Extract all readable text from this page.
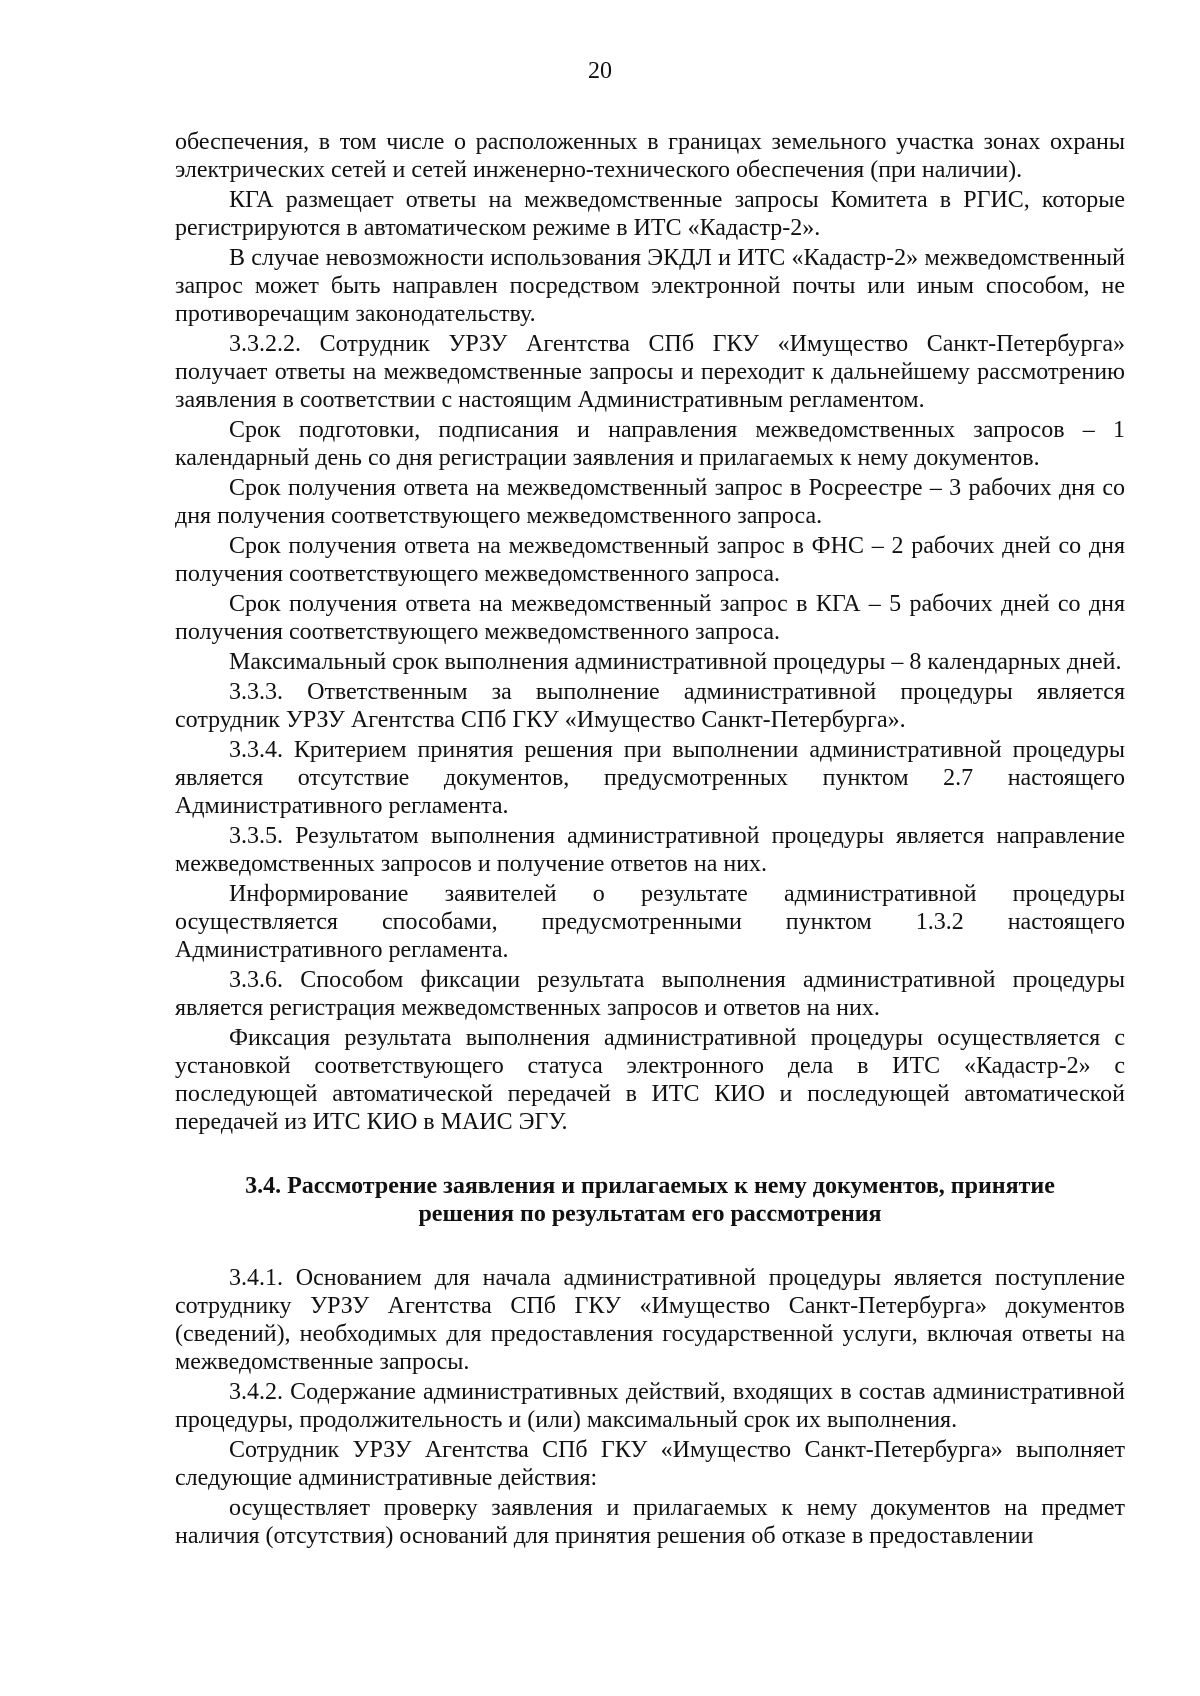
20

обеспечения, в том числе о расположенных в границах земельного участка зонах охраны электрических сетей и сетей инженерно-технического обеспечения (при наличии).

КГА размещает ответы на межведомственные запросы Комитета в РГИС, которые регистрируются в автоматическом режиме в ИТС «Кадастр-2».

В случае невозможности использования ЭКДЛ и ИТС «Кадастр-2» межведомственный запрос может быть направлен посредством электронной почты или иным способом, не противоречащим законодательству.

3.3.2.2. Сотрудник УРЗУ Агентства СПб ГКУ «Имущество Санкт-Петербурга» получает ответы на межведомственные запросы и переходит к дальнейшему рассмотрению заявления в соответствии с настоящим Административным регламентом.

Срок подготовки, подписания и направления межведомственных запросов – 1 календарный день со дня регистрации заявления и прилагаемых к нему документов.

Срок получения ответа на межведомственный запрос в Росреестре – 3 рабочих дня со дня получения соответствующего межведомственного запроса.

Срок получения ответа на межведомственный запрос в ФНС – 2 рабочих дней со дня получения соответствующего межведомственного запроса.

Срок получения ответа на межведомственный запрос в КГА – 5 рабочих дней со дня получения соответствующего межведомственного запроса.

Максимальный срок выполнения административной процедуры – 8 календарных дней.

3.3.3. Ответственным за выполнение административной процедуры является сотрудник УРЗУ Агентства СПб ГКУ «Имущество Санкт-Петербурга».

3.3.4. Критерием принятия решения при выполнении административной процедуры является отсутствие документов, предусмотренных пунктом 2.7 настоящего Административного регламента.

3.3.5. Результатом выполнения административной процедуры является направление межведомственных запросов и получение ответов на них.

Информирование заявителей о результате административной процедуры осуществляется способами, предусмотренными пунктом 1.3.2 настоящего Административного регламента.

3.3.6. Способом фиксации результата выполнения административной процедуры является регистрация межведомственных запросов и ответов на них.

Фиксация результата выполнения административной процедуры осуществляется с установкой соответствующего статуса электронного дела в ИТС «Кадастр-2» с последующей автоматической передачей в ИТС КИО и последующей автоматической передачей из ИТС КИО в МАИС ЭГУ.

3.4. Рассмотрение заявления и прилагаемых к нему документов, принятие
решения по результатам его рассмотрения

3.4.1. Основанием для начала административной процедуры является поступление сотруднику УРЗУ Агентства СПб ГКУ «Имущество Санкт-Петербурга» документов (сведений), необходимых для предоставления государственной услуги, включая ответы на межведомственные запросы.

3.4.2. Содержание административных действий, входящих в состав административной процедуры, продолжительность и (или) максимальный срок их выполнения.

Сотрудник УРЗУ Агентства СПб ГКУ «Имущество Санкт-Петербурга» выполняет следующие административные действия:

осуществляет проверку заявления и прилагаемых к нему документов на предмет наличия (отсутствия) оснований для принятия решения об отказе в предоставлении
